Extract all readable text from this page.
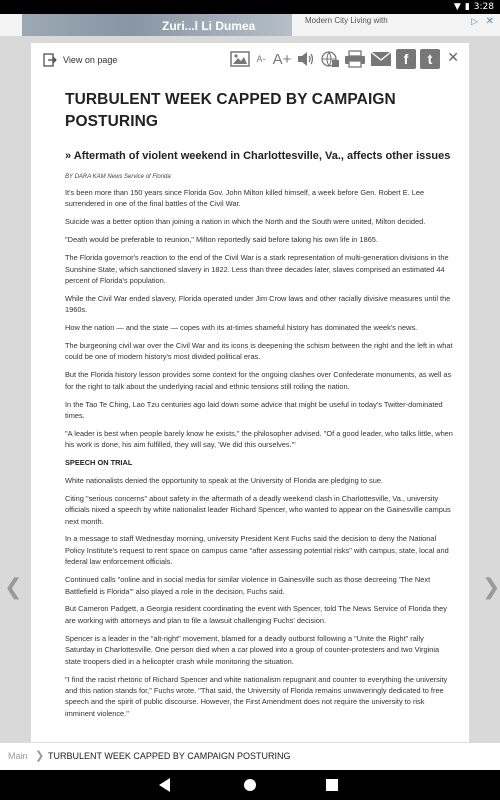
▼ ▮ 3:28
Zuri...l Li Dumea	Modern City Living with	▷ ✕
❮	❯
View on page	A - A+	f	t	✕
TURBULENT WEEK CAPPED BY CAMPAIGN POSTURING
» Aftermath of violent weekend in Charlottesville, Va., affects other issues
BY DARA KAM News Service of Florida

It's been more than 150 years since Florida Gov. John Milton killed himself, a week before Gen. Robert E. Lee surrendered in one of the final battles of the Civil War.

Suicide was a better option than joining a nation in which the North and the South were united, Milton decided.

"Death would be preferable to reunion," Milton reportedly said before taking his own life in 1865.

The Florida governor's reaction to the end of the Civil War is a stark representation of multi-generation divisions in the Sunshine State, which sanctioned slavery in 1822. Less than three decades later, slaves comprised an estimated 44 percent of Florida's population.

While the Civil War ended slavery, Florida operated under Jim Crow laws and other racially divisive measures until the 1960s.

How the nation — and the state — copes with its at-times shameful history has dominated the week's news.

The burgeoning civil war over the Civil War and its icons is deepening the schism between the right and the left in what could be one of modern history's most divided political eras.

But the Florida history lesson provides some context for the ongoing clashes over Confederate monuments, as well as for the right to talk about the underlying racial and ethnic tensions still roiling the nation.

In the Tao Te Ching, Lao Tzu centuries ago laid down some advice that might be useful in today's Twitter-dominated times.

"A leader is best when people barely know he exists," the philosopher advised. "Of a good leader, who talks little, when his work is done, his aim fulfilled, they will say, 'We did this ourselves.'"

SPEECH ON TRIAL

White nationalists denied the opportunity to speak at the University of Florida are pledging to sue.

Citing "serious concerns" about safety in the aftermath of a deadly weekend clash in Charlottesville, Va., university officials nixed a speech by white nationalist leader Richard Spencer, who wanted to appear on the Gainesville campus next month.

In a message to staff Wednesday morning, university President Kent Fuchs said the decision to deny the National Policy Institute's request to rent space on campus came "after assessing potential risks" with campus, state, local and federal law enforcement officials.

Continued calls "online and in social media for similar violence in Gainesville such as those decreeing 'The Next Battlefield is Florida'" also played a role in the decision, Fuchs said.

But Cameron Padgett, a Georgia resident coordinating the event with Spencer, told The News Service of Florida they are working with attorneys and plan to file a lawsuit challenging Fuchs' decision.

Spencer is a leader in the "alt-right" movement, blamed for a deadly outburst following a "Unite the Right" rally Saturday in Charlottesville. One person died when a car plowed into a group of counter-protesters and two Virginia state troopers died in a helicopter crash while monitoring the situation.

"I find the racist rhetoric of Richard Spencer and white nationalism repugnant and counter to everything the university and this nation stands for," Fuchs wrote. "That said, the University of Florida remains unwaveringly dedicated to free speech and the spirit of public discourse. However, the First Amendment does not require the university to risk imminent violence."

Main ❯ TURBULENT WEEK CAPPED BY CAMPAIGN POSTURING
